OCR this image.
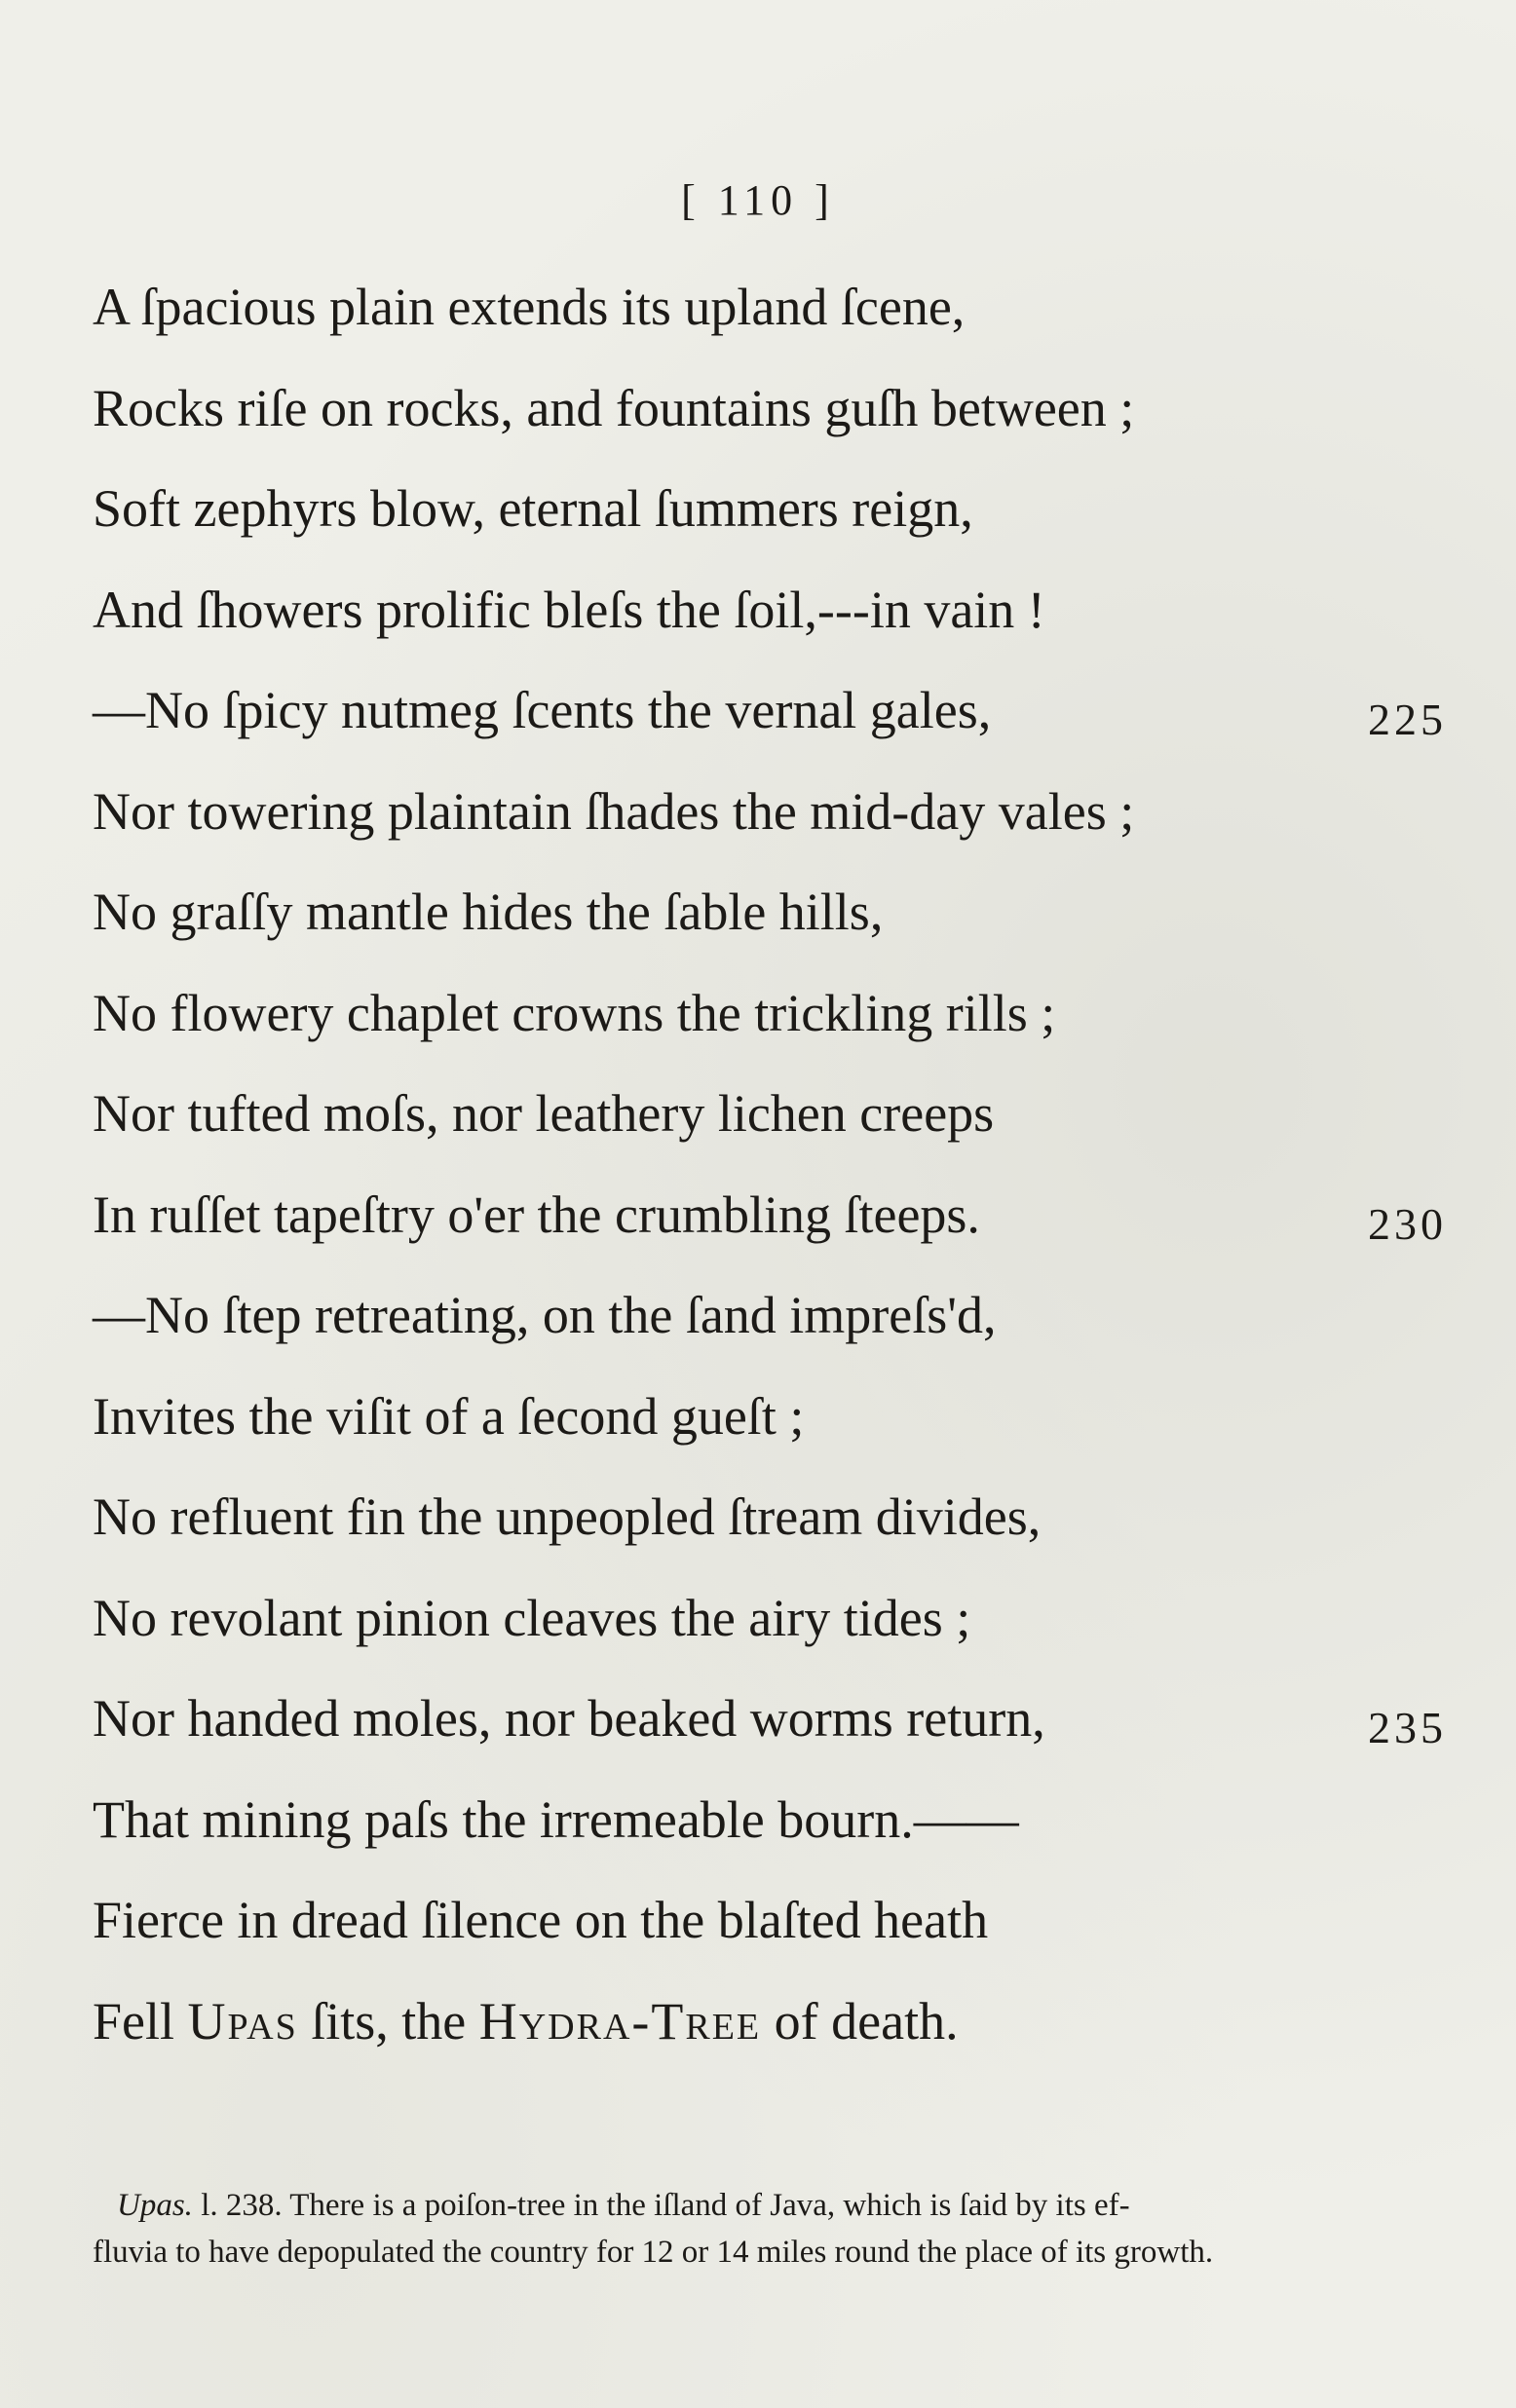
[ 110 ]
A ſpacious plain extends its upland ſcene,
Rocks riſe on rocks, and fountains guſh between ;
Soft zephyrs blow, eternal ſummers reign,
And ſhowers prolific bleſs the ſoil,---in vain !
—No ſpicy nutmeg ſcents the vernal gales,	225
Nor towering plaintain ſhades the mid-day vales ;
No graſſy mantle hides the ſable hills,
No flowery chaplet crowns the trickling rills ;
Nor tufted moſs, nor leathery lichen creeps
In ruſſet tapeſtry o'er the crumbling ſteeps.	230
—No ſtep retreating, on the ſand impreſs'd,
Invites the viſit of a ſecond gueſt ;
No refluent fin the unpeopled ſtream divides,
No revolant pinion cleaves the airy tides ;
Nor handed moles, nor beaked worms return,	235
That mining paſs the irremeable bourn.——
Fierce in dread ſilence on the blaſted heath
Fell Upas ſits, the Hydra-Tree of death.
Upas. l. 238. There is a poiſon-tree in the iſland of Java, which is ſaid by its ef-
fluvia to have depopulated the country for 12 or 14 miles round the place of its growth.
